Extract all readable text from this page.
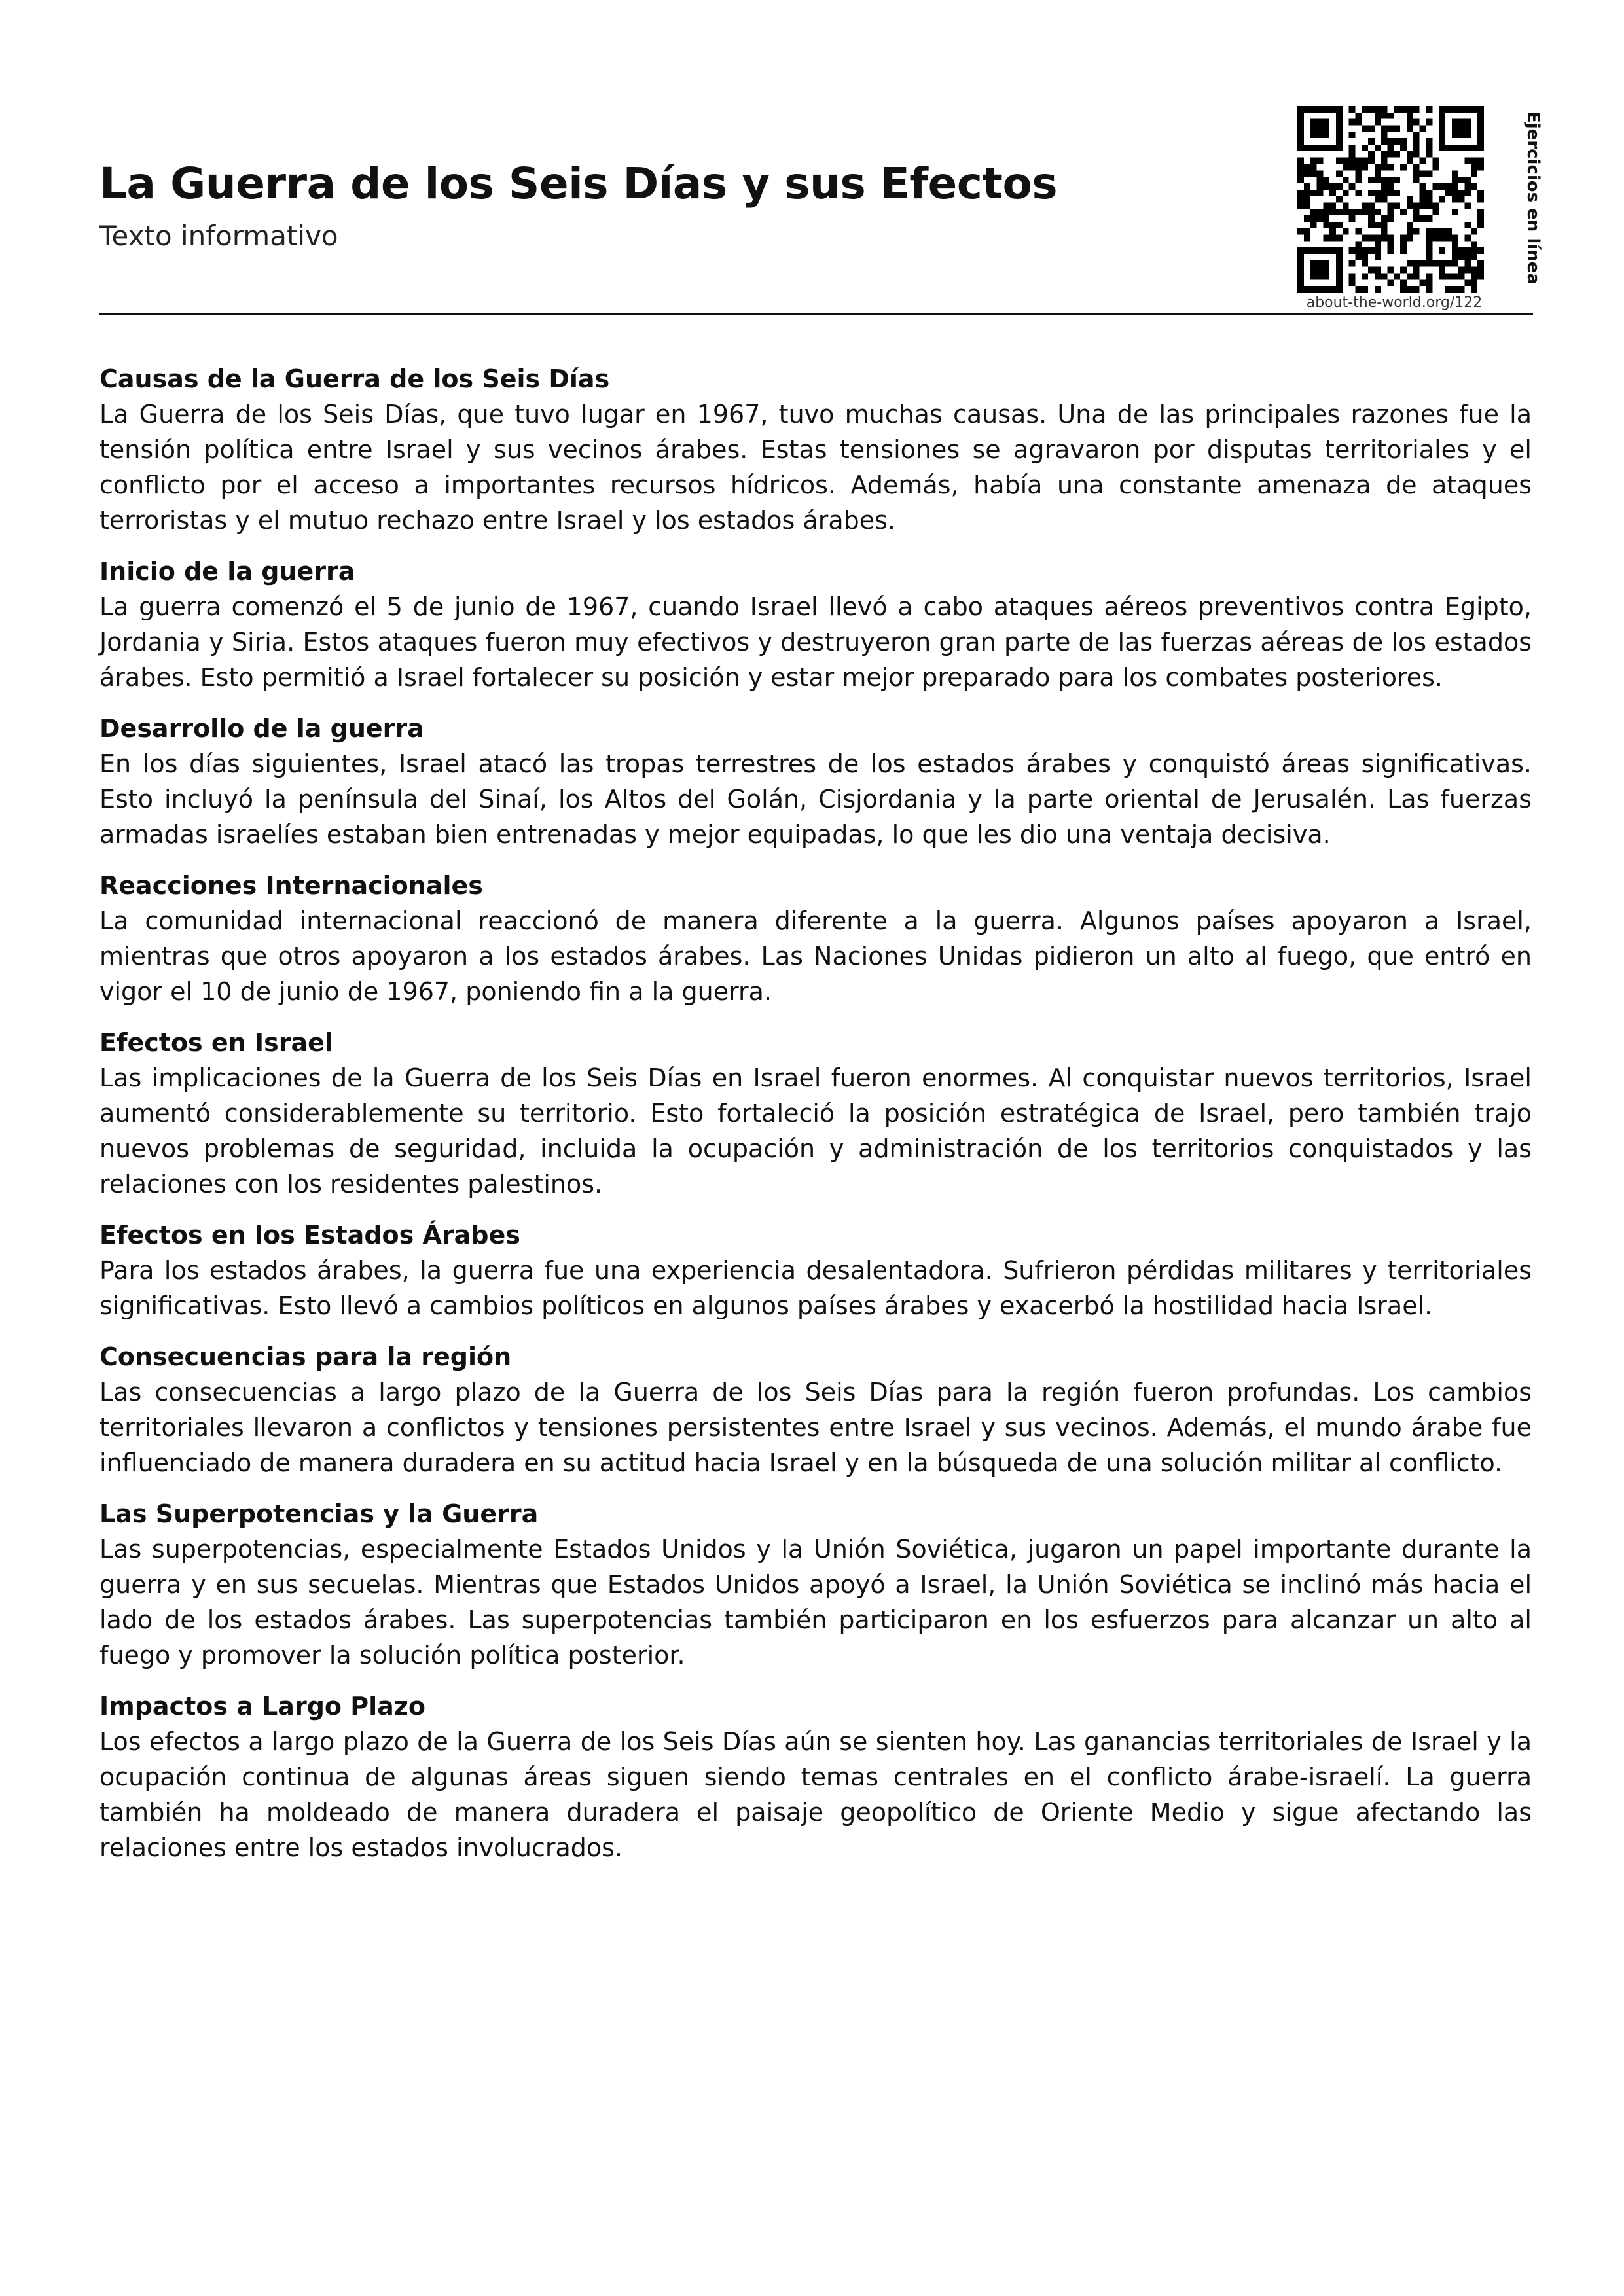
La Guerra de los Seis Días y sus Efectos
Texto informativo
about-the-world.org/122
Ejercicios en línea
Causas de la Guerra de los Seis Días

La Guerra de los Seis Días, que tuvo lugar en 1967, tuvo muchas causas. Una de las principales razones fue la tensión política entre Israel y sus vecinos árabes. Estas tensiones se agravaron por disputas territoriales y el conflicto por el acceso a importantes recursos hídricos. Además, había una constante amenaza de ataques terroristas y el mutuo rechazo entre Israel y los estados árabes.

Inicio de la guerra

La guerra comenzó el 5 de junio de 1967, cuando Israel llevó a cabo ataques aéreos preventivos contra Egipto, Jordania y Siria. Estos ataques fueron muy efectivos y destruyeron gran parte de las fuerzas aéreas de los estados árabes. Esto permitió a Israel fortalecer su posición y estar mejor preparado para los combates posteriores.

Desarrollo de la guerra

En los días siguientes, Israel atacó las tropas terrestres de los estados árabes y conquistó áreas significativas. Esto incluyó la península del Sinaí, los Altos del Golán, Cisjordania y la parte oriental de Jerusalén. Las fuerzas armadas israelíes estaban bien entrenadas y mejor equipadas, lo que les dio una ventaja decisiva.

Reacciones Internacionales

La comunidad internacional reaccionó de manera diferente a la guerra. Algunos países apoyaron a Israel, mientras que otros apoyaron a los estados árabes. Las Naciones Unidas pidieron un alto al fuego, que entró en vigor el 10 de junio de 1967, poniendo fin a la guerra.

Efectos en Israel

Las implicaciones de la Guerra de los Seis Días en Israel fueron enormes. Al conquistar nuevos territorios, Israel aumentó considerablemente su territorio. Esto fortaleció la posición estratégica de Israel, pero también trajo nuevos problemas de seguridad, incluida la ocupación y administración de los territorios conquistados y las relaciones con los residentes palestinos.

Efectos en los Estados Árabes

Para los estados árabes, la guerra fue una experiencia desalentadora. Sufrieron pérdidas militares y territoriales significativas. Esto llevó a cambios políticos en algunos países árabes y exacerbó la hostilidad hacia Israel.

Consecuencias para la región

Las consecuencias a largo plazo de la Guerra de los Seis Días para la región fueron profundas. Los cambios territoriales llevaron a conflictos y tensiones persistentes entre Israel y sus vecinos. Además, el mundo árabe fue influenciado de manera duradera en su actitud hacia Israel y en la búsqueda de una solución militar al conflicto.

Las Superpotencias y la Guerra

Las superpotencias, especialmente Estados Unidos y la Unión Soviética, jugaron un papel importante durante la guerra y en sus secuelas. Mientras que Estados Unidos apoyó a Israel, la Unión Soviética se inclinó más hacia el lado de los estados árabes. Las superpotencias también participaron en los esfuerzos para alcanzar un alto al fuego y promover la solución política posterior.

Impactos a Largo Plazo

Los efectos a largo plazo de la Guerra de los Seis Días aún se sienten hoy. Las ganancias territoriales de Israel y la ocupación continua de algunas áreas siguen siendo temas centrales en el conflicto árabe-israelí. La guerra también ha moldeado de manera duradera el paisaje geopolítico de Oriente Medio y sigue afectando las relaciones entre los estados involucrados.
